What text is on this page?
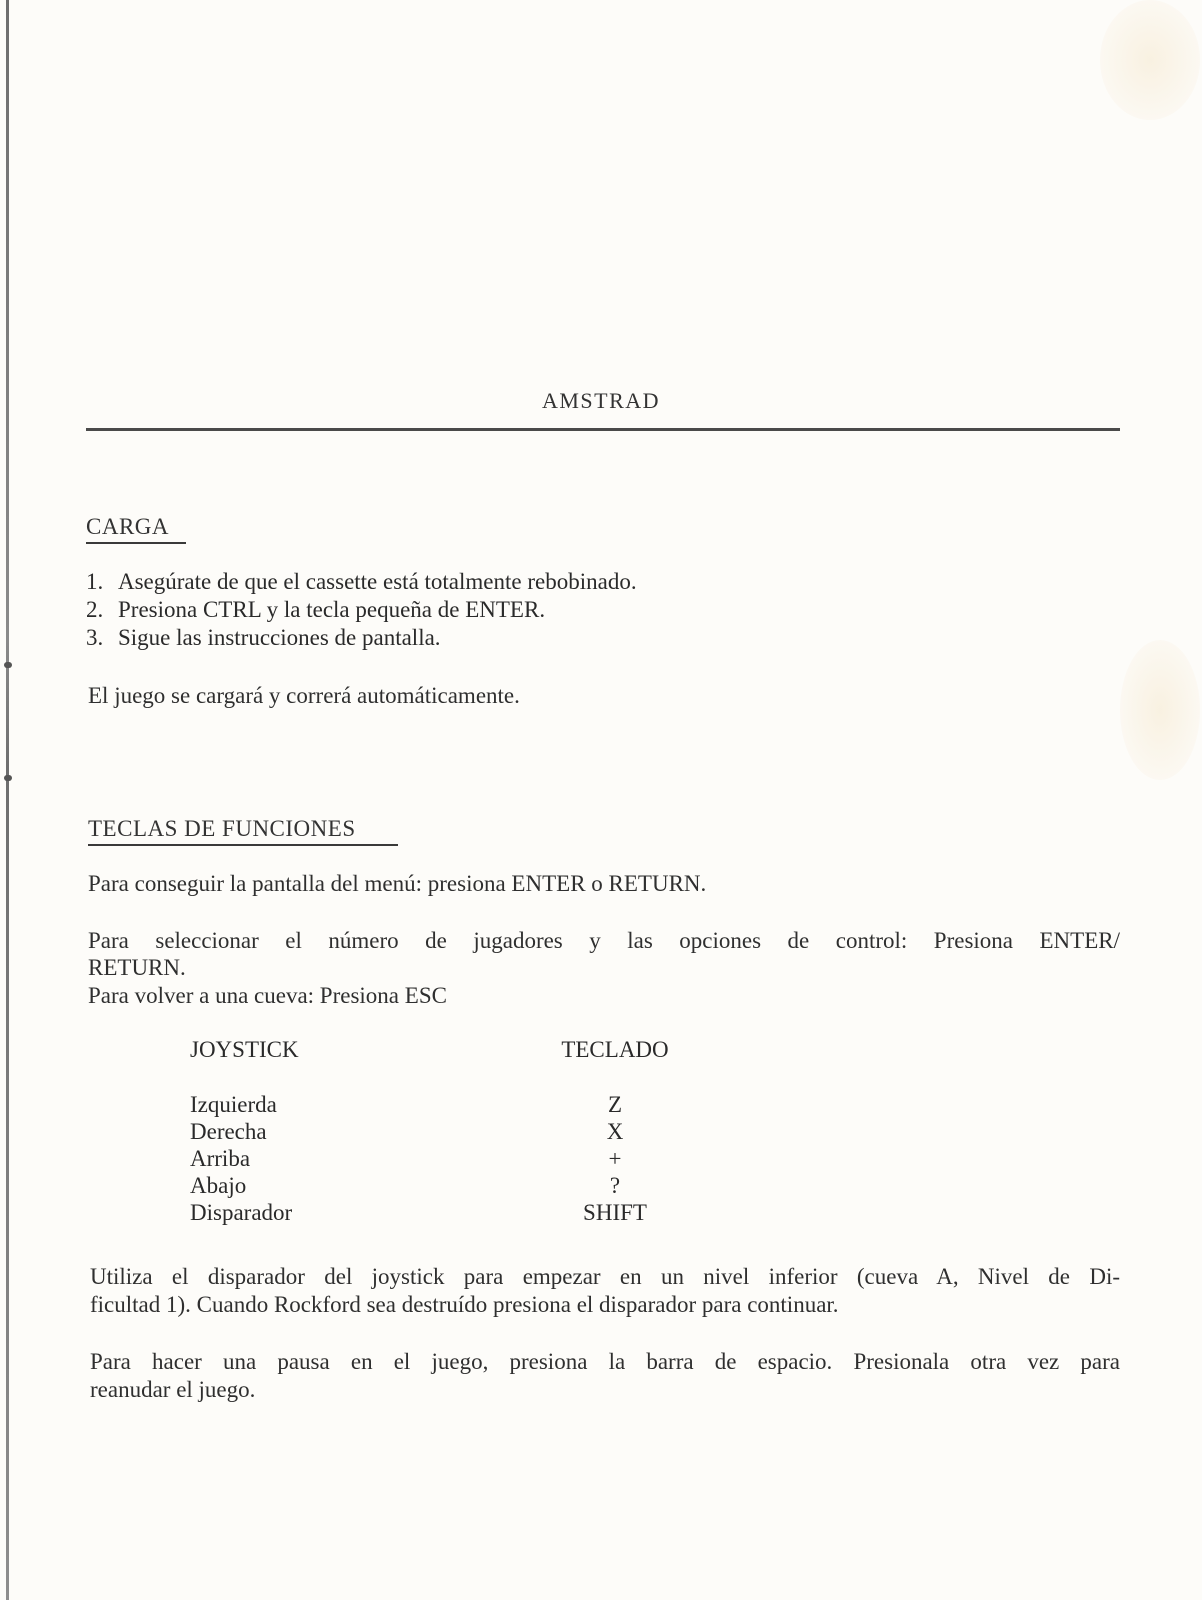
AMSTRAD
CARGA
1. Asegúrate de que el cassette está totalmente rebobinado.
2. Presiona CTRL y la tecla pequeña de ENTER.
3. Sigue las instrucciones de pantalla.
El juego se cargará y correrá automáticamente.
TECLAS DE FUNCIONES
Para conseguir la pantalla del menú: presiona ENTER o RETURN.
Para seleccionar el número de jugadores y las opciones de control: Presiona ENTER/
RETURN.
Para volver a una cueva: Presiona ESC
JOYSTICK	TECLADO
Izquierda	Z
Derecha	X
Arriba	+
Abajo	?
Disparador	SHIFT
Utiliza el disparador del joystick para empezar en un nivel inferior (cueva A, Nivel de Di-
ficultad 1). Cuando Rockford sea destruído presiona el disparador para continuar.
Para hacer una pausa en el juego, presiona la barra de espacio. Presionala otra vez para
reanudar el juego.
